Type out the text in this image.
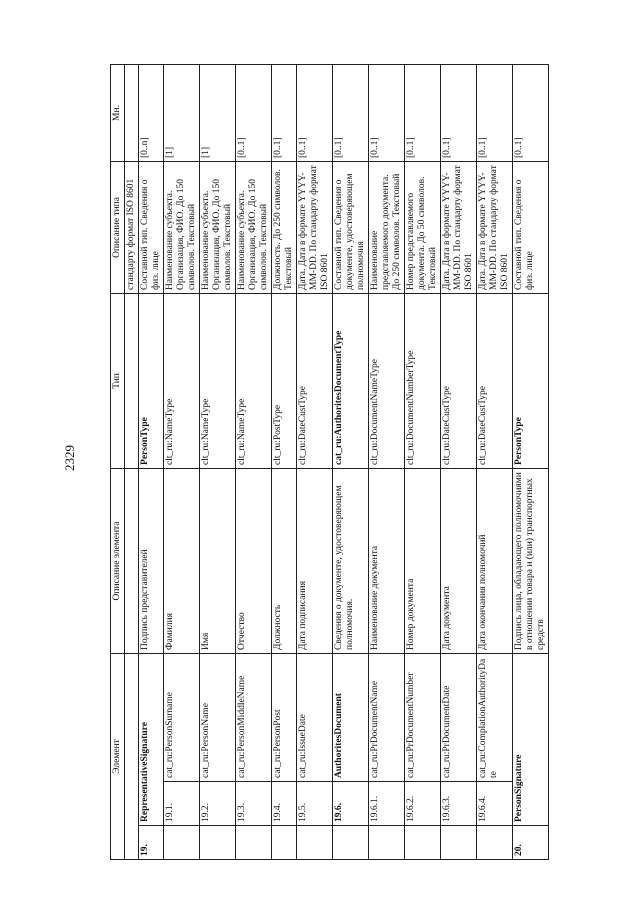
2329
Элемент			Описание элемента	Тип	Описание типа	Мн.
					стандарту формат ISO 8601	
19.	RepresentativeSignature		Подпись представителей	PersonType	Составной тип. Сведения о физ. лице	[0..n]
	19.1.	cat_ru:PersonSurname	Фамилия	clt_ru:NameType	Наименование субъекта. Организация, ФИО. До 150 символов. Текстовый	[1]
	19.2.	cat_ru:PersonName	Имя	clt_ru:NameType	Наименование субъекта. Организация, ФИО. До 150 символов. Текстовый	[1]
	19.3.	cat_ru:PersonMiddleName	Отчество	clt_ru:NameType	Наименование субъекта. Организация, ФИО. До 150 символов. Текстовый	[0..1]
	19.4.	cat_ru:PersonPost	Должность	clt_ru:PostType	Должность. До 250 символов. Текстовый	[0..1]
	19.5.	cat_ru:IssueDate	Дата подписания	clt_ru:DateCustType	Дата. Дата в формате YYYY-MM-DD. По стандарту формат ISO 8601	[0..1]
	19.6.	AuthoritesDocument	Сведения о документе, удостоверяющем полномочия.	cat_ru:AuthoritesDocumentType	Составной тип. Сведения о документе, удостоверяющем полномочия	[0..1]
	19.6.1.	cat_ru:PrDocumentName	Наименование документа	clt_ru:DocumentNameType	Наименование представляемого документа. До 250 символов. Текстовый	[0..1]
	19.6.2.	cat_ru:PrDocumentNumber	Номер документа	clt_ru:DocumentNumberType	Номер представляемого документа. До 50 символов. Текстовый	[0..1]
	19.6.3.	cat_ru:PrDocumentDate	Дата документа	clt_ru:DateCustType	Дата. Дата в формате YYYY-MM-DD. По стандарту формат ISO 8601	[0..1]
	19.6.4.	cat_ru:ComplationAuthorityDate	Дата окончания полномочий	clt_ru:DateCustType	Дата. Дата в формате YYYY-MM-DD. По стандарту формат ISO 8601	[0..1]
20.	PersonSignature		Подпись лица, обладающего полномочиями в отношении товара и (или) транспортных средств	PersonType	Составной тип. Сведения о физ. лице	[0..1]
